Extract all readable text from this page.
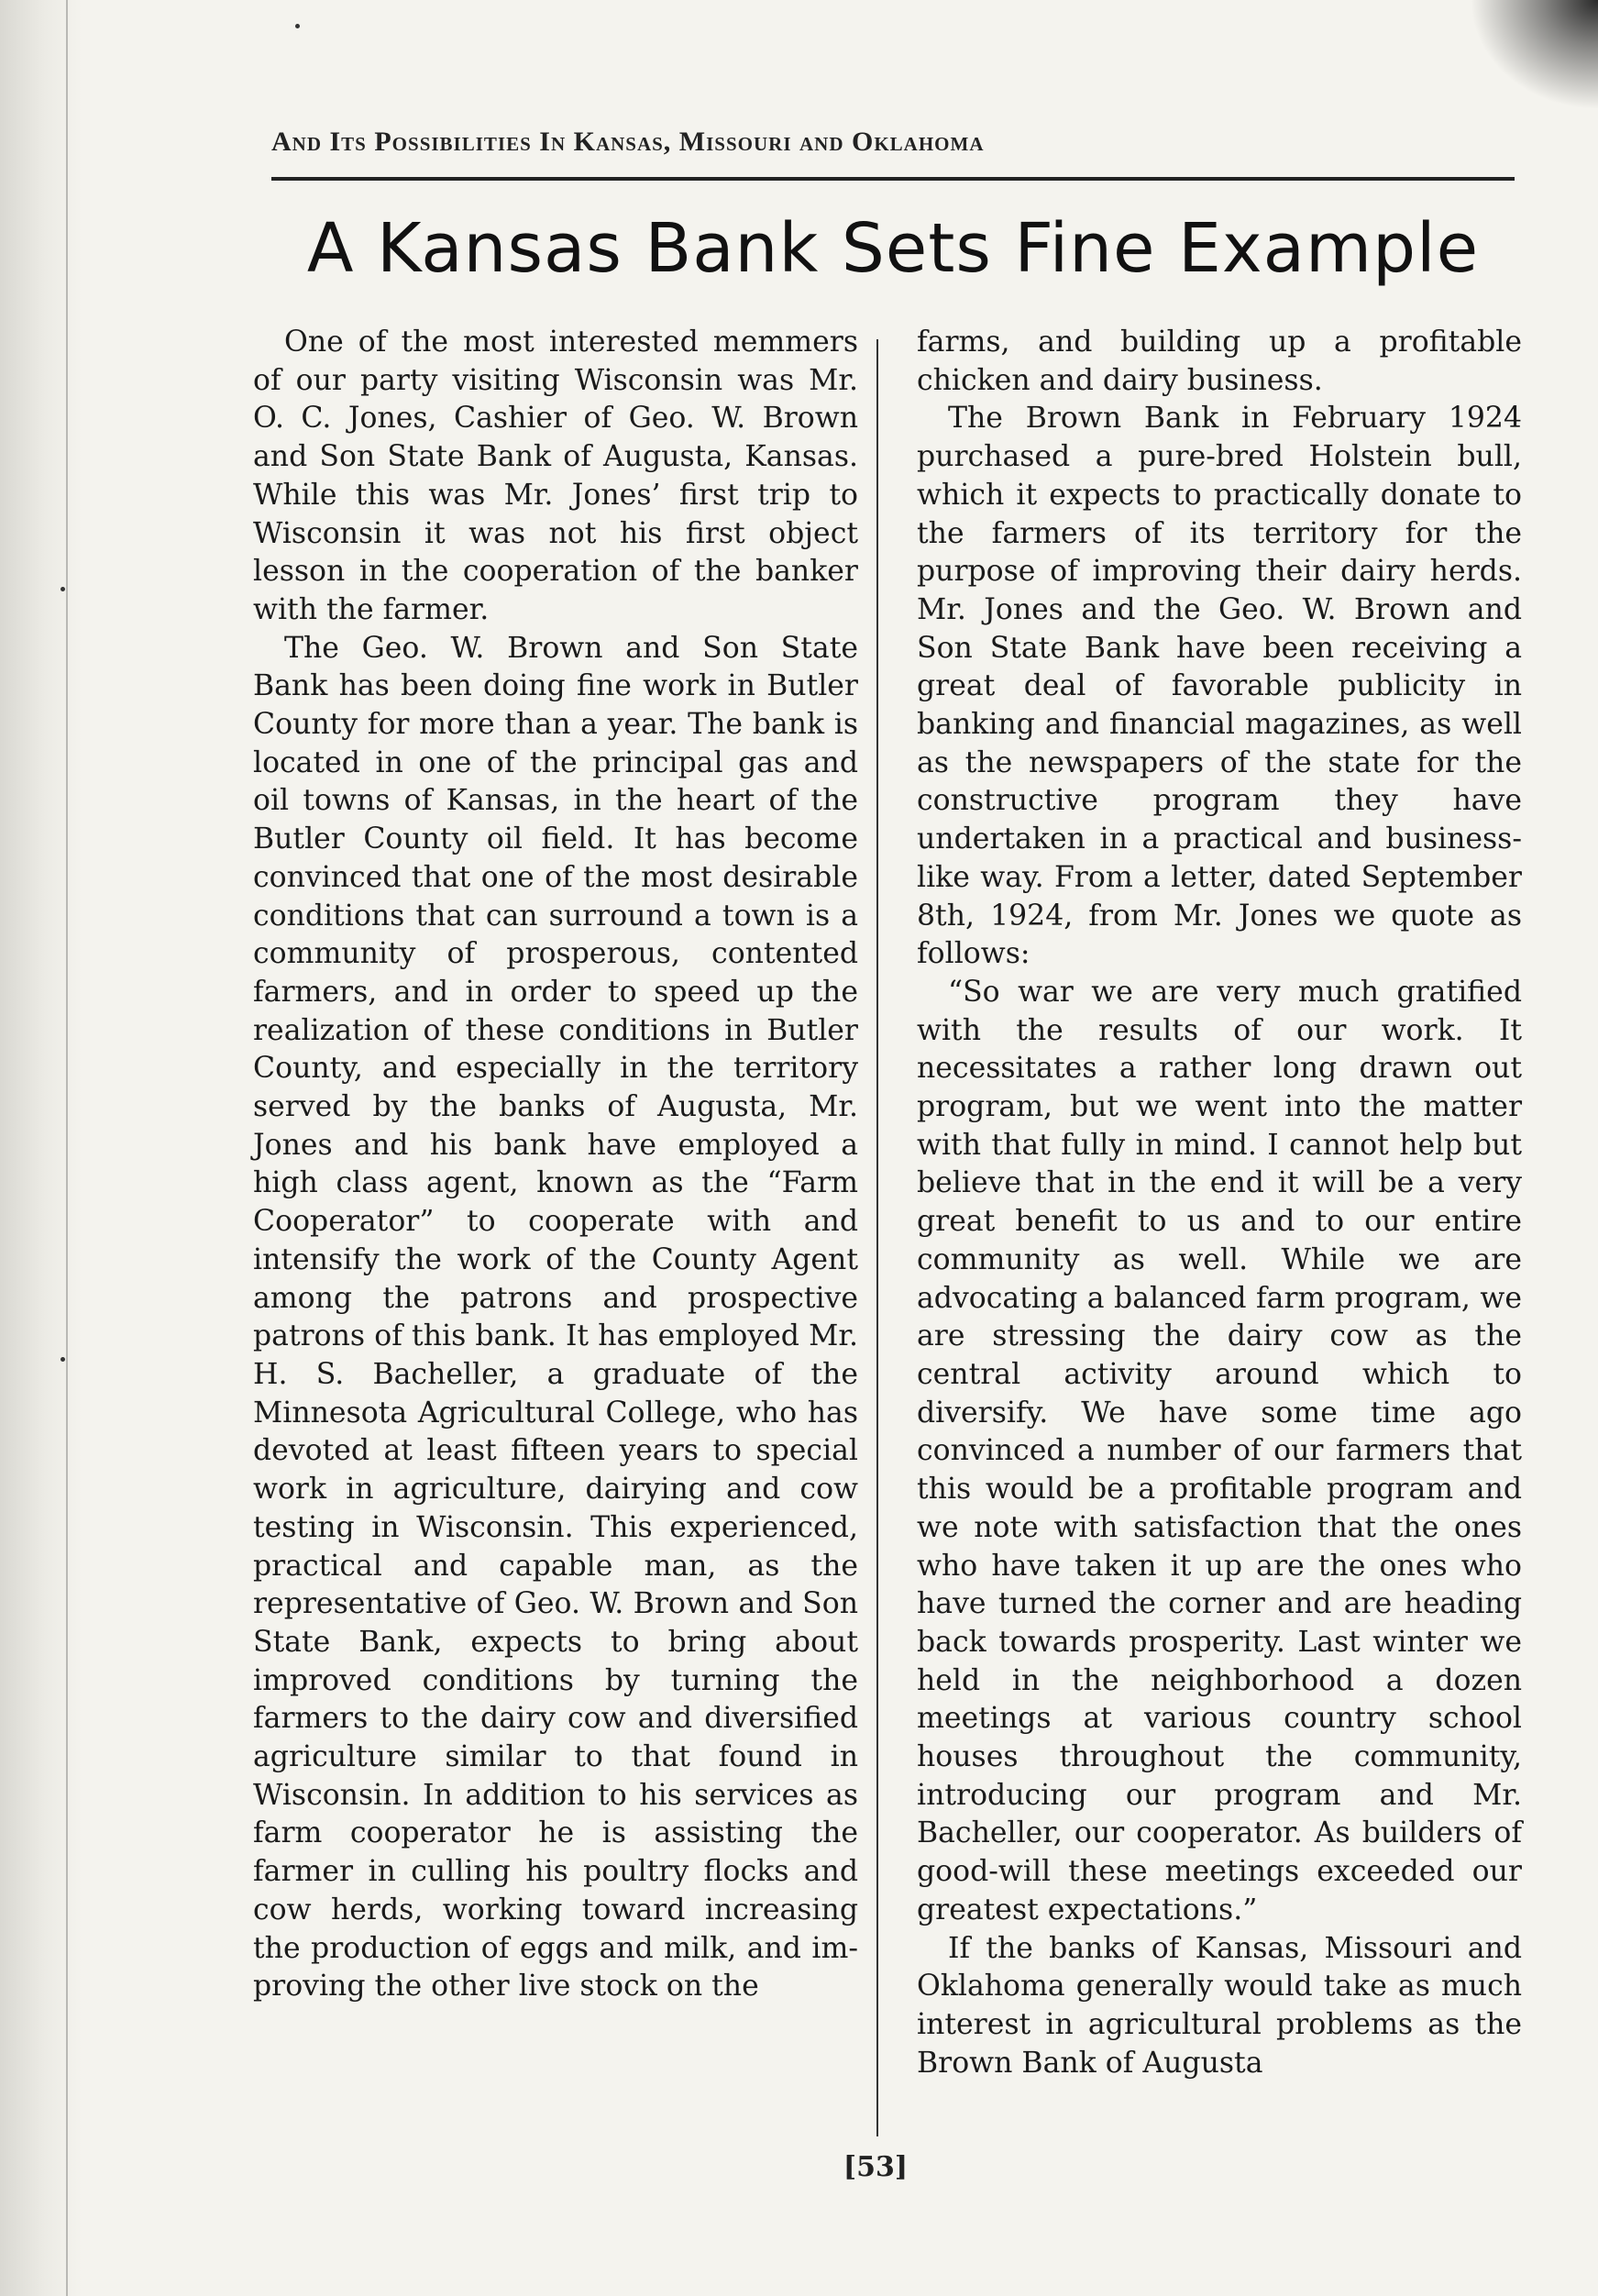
And Its Possibilities In Kansas, Missouri and Oklahoma
A Kansas Bank Sets Fine Example

One of the most interested memmers of our party visiting Wisconsin was Mr. O. C. Jones, Cashier of Geo. W. Brown and Son State Bank of Augusta, Kansas. While this was Mr. Jones’ first trip to Wisconsin it was not his first object lesson in the cooperation of the banker with the farmer.

The Geo. W. Brown and Son State Bank has been doing fine work in Butler County for more than a year. The bank is located in one of the principal gas and oil towns of Kansas, in the heart of the Butler County oil field. It has become convinced that one of the most desirable conditions that can surround a town is a community of prosperous, contented farmers, and in order to speed up the realization of these conditions in Butler County, and especially in the territory served by the banks of Augusta, Mr. Jones and his bank have employed a high class agent, known as the “Farm Cooperator” to cooperate with and intensify the work of the County Agent among the patrons and prospective patrons of this bank. It has employed Mr. H. S. Bacheller, a graduate of the Minnesota Agricultural College, who has devoted at least fifteen years to special work in agriculture, dairying and cow testing in Wisconsin. This experienced, practical and capable man, as the representative of Geo. W. Brown and Son State Bank, expects to bring about improved conditions by turning the farmers to the dairy cow and diversified agriculture similar to that found in Wisconsin. In addition to his services as farm cooperator he is assisting the farmer in culling his poultry flocks and cow herds, working toward increasing the production of eggs and milk, and improving the other live stock on the

farms, and building up a profitable chicken and dairy business.

The Brown Bank in February 1924 purchased a pure-bred Holstein bull, which it expects to practically donate to the farmers of its territory for the purpose of improving their dairy herds. Mr. Jones and the Geo. W. Brown and Son State Bank have been receiving a great deal of favorable publicity in banking and financial magazines, as well as the newspapers of the state for the constructive program they have undertaken in a practical and business-like way. From a letter, dated September 8th, 1924, from Mr. Jones we quote as follows:

“So war we are very much gratified with the results of our work. It necessitates a rather long drawn out program, but we went into the matter with that fully in mind. I cannot help but believe that in the end it will be a very great benefit to us and to our entire community as well. While we are advocating a balanced farm program, we are stressing the dairy cow as the central activity around which to diversify. We have some time ago convinced a number of our farmers that this would be a profitable program and we note with satisfaction that the ones who have taken it up are the ones who have turned the corner and are heading back towards prosperity. Last winter we held in the neighborhood a dozen meetings at various country school houses throughout the community, introducing our program and Mr. Bacheller, our cooperator. As builders of good-will these meetings exceeded our greatest expectations.”

If the banks of Kansas, Missouri and Oklahoma generally would take as much interest in agricultural problems as the Brown Bank of Augusta

[53]
